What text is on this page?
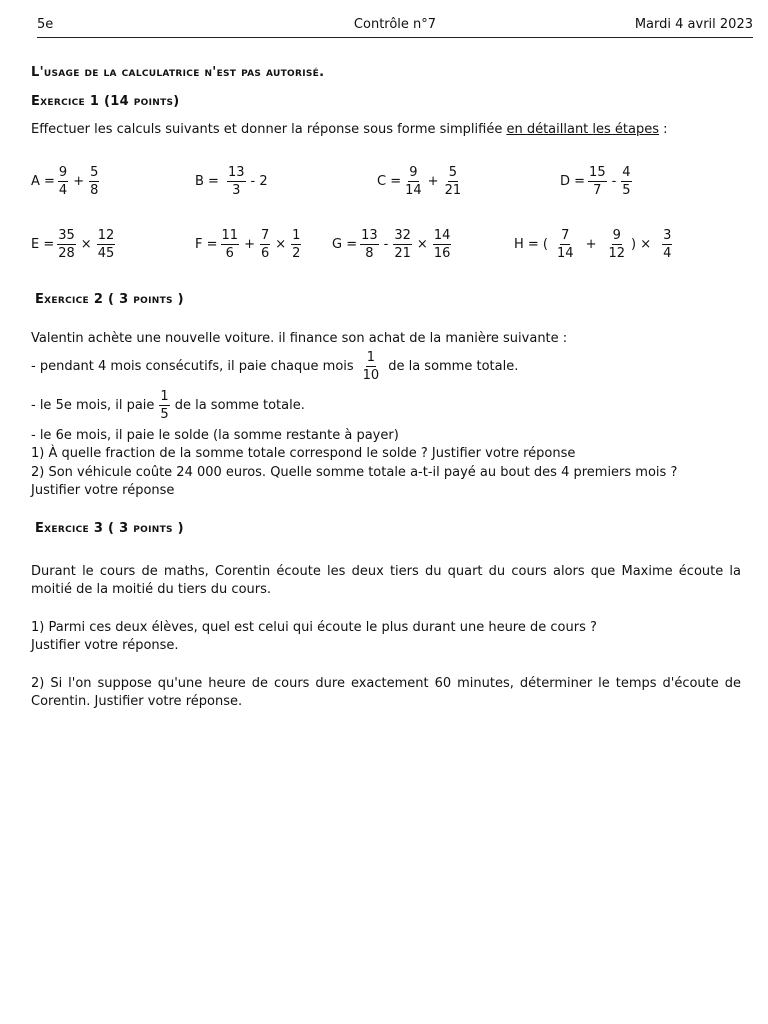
5e	Contrôle n°7	Mardi 4 avril 2023
L'usage de la calculatrice n'est pas autorisé.
Exercice 1 (14 points)
Effectuer les calculs suivants et donner la réponse sous forme simplifiée en détaillant les étapes :
$A = \frac{9}{4} + \frac{5}{8}$	$B = \frac{13}{3} - 2$	$C = \frac{9}{14} + \frac{5}{21}$	$D = \frac{15}{7} - \frac{4}{5}$
$E = \frac{35}{28} \times \frac{12}{45}$	$F = \frac{11}{6} + \frac{7}{6} \times \frac{1}{2}$ $G = \frac{13}{8} - \frac{32}{21} \times \frac{14}{16}$	H = ( $\frac{7}{14} + \frac{9}{12}$ ) × $\frac{3}{4}$
Exercice 2 ( 3 points )
Valentin achète une nouvelle voiture. il finance son achat de la manière suivante :
- pendant 4 mois consécutifs, il paie chaque mois $\frac{1}{10}$ de la somme totale.
- le 5e mois, il paie $\frac{1}{5}$ de la somme totale.
- le 6e mois, il paie le solde (la somme restante à payer)
1) À quelle fraction de la somme totale correspond le solde ? Justifier votre réponse
2) Son véhicule coûte 24 000 euros. Quelle somme totale a-t-il payé au bout des 4 premiers mois ?
Justifier votre réponse
Exercice 3 ( 3 points )
Durant le cours de maths, Corentin écoute les deux tiers du quart du cours alors que Maxime écoute la moitié de la moitié du tiers du cours.
1) Parmi ces deux élèves, quel est celui qui écoute le plus durant une heure de cours ?
Justifier votre réponse.
2) Si l'on suppose qu'une heure de cours dure exactement 60 minutes, déterminer le temps d'écoute de Corentin. Justifier votre réponse.
